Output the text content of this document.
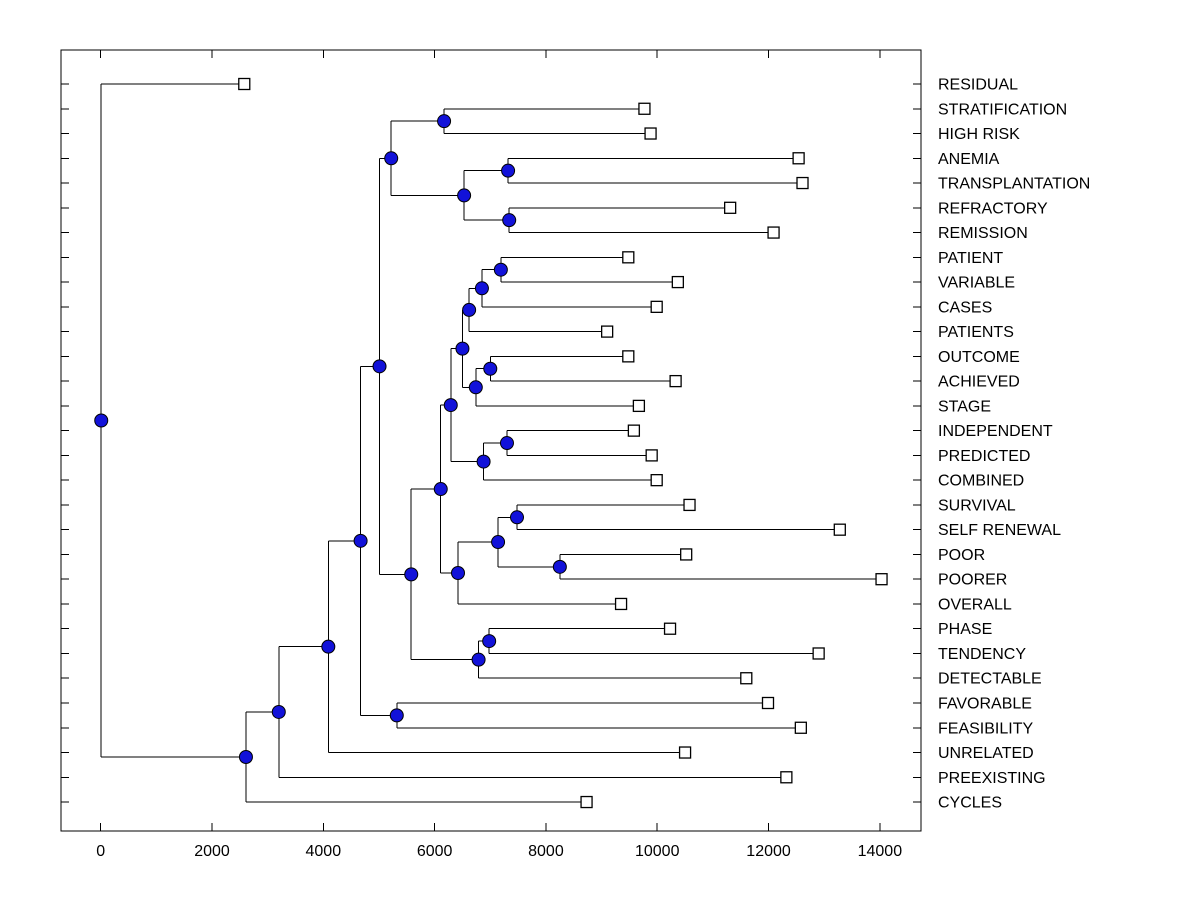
0	2000	4000	6000	8000	10000	12000	14000
RESIDUAL
STRATIFICATION
HIGH RISK
ANEMIA
TRANSPLANTATION
REFRACTORY
REMISSION
PATIENT
VARIABLE
CASES
PATIENTS
OUTCOME
ACHIEVED
STAGE
INDEPENDENT
PREDICTED
COMBINED
SURVIVAL
SELF RENEWAL
POOR
POORER
OVERALL
PHASE
TENDENCY
DETECTABLE
FAVORABLE
FEASIBILITY
UNRELATED
PREEXISTING
CYCLES
